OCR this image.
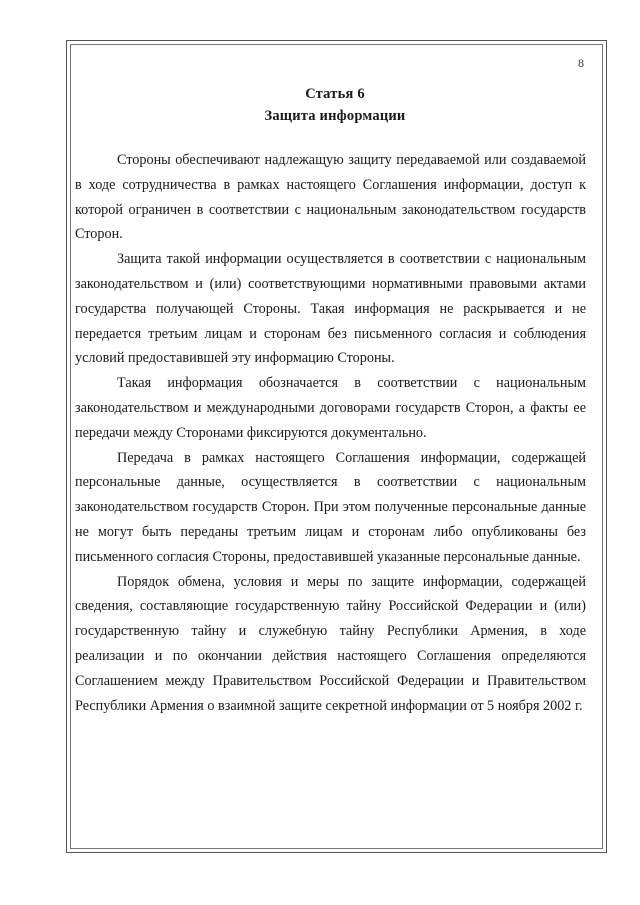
8
Статья 6
Защита информации

Стороны обеспечивают надлежащую защиту передаваемой или создаваемой в ходе сотрудничества в рамках настоящего Соглашения информации, доступ к которой ограничен в соответствии с национальным законодательством государств Сторон.

Защита такой информации осуществляется в соответствии с национальным законодательством и (или) соответствующими нормативными правовыми актами государства получающей Стороны. Такая информация не раскрывается и не передается третьим лицам и сторонам без письменного согласия и соблюдения условий предоставившей эту информацию Стороны.

Такая информация обозначается в соответствии с национальным законодательством и международными договорами государств Сторон, а факты ее передачи между Сторонами фиксируются документально.

Передача в рамках настоящего Соглашения информации, содержащей персональные данные, осуществляется в соответствии с национальным законодательством государств Сторон. При этом полученные персональные данные не могут быть переданы третьим лицам и сторонам либо опубликованы без письменного согласия Стороны, предоставившей указанные персональные данные.

Порядок обмена, условия и меры по защите информации, содержащей сведения, составляющие государственную тайну Российской Федерации и (или) государственную тайну и служебную тайну Республики Армения, в ходе реализации и по окончании действия настоящего Соглашения определяются Соглашением между Правительством Российской Федерации и Правительством Республики Армения о взаимной защите секретной информации от 5 ноября 2002 г.
